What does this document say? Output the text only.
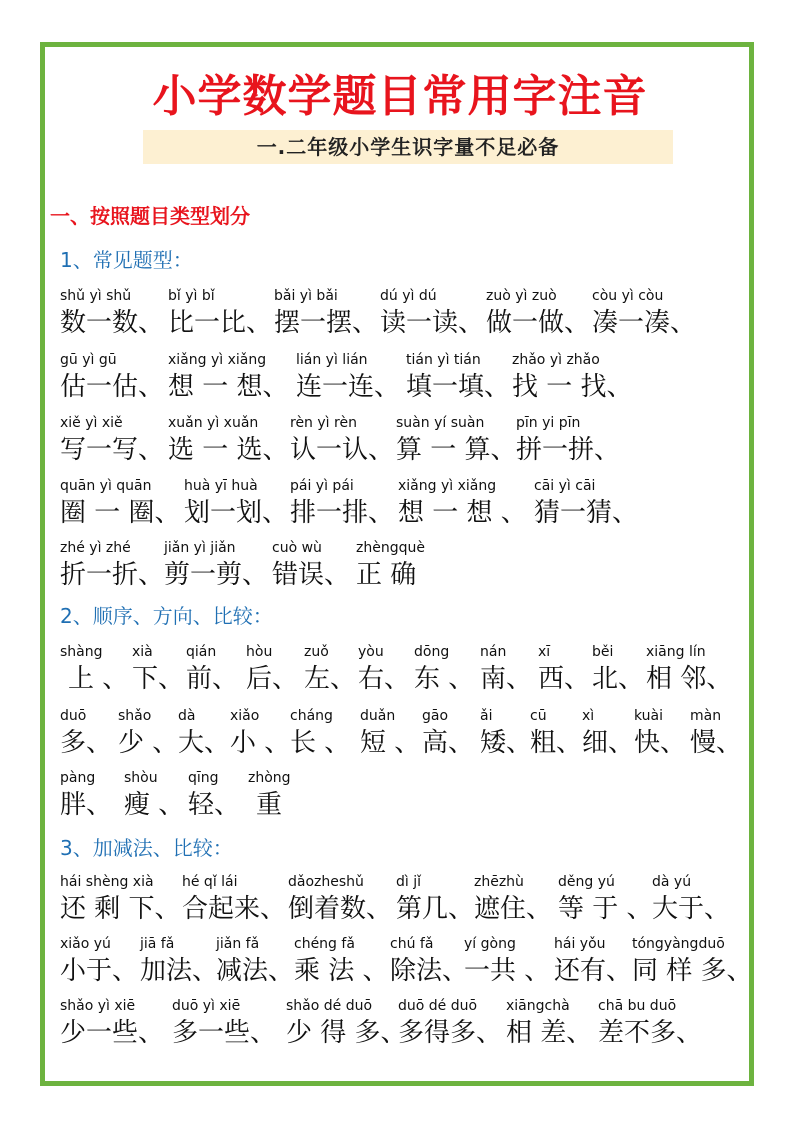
小学数学题目常用字注音
一.二年级小学生识字量不足必备
一、按照题目类型划分
1、常见题型：
shǔ yì shǔ
数一数、
bǐ yì bǐ
比一比、
bǎi yì bǎi
摆一摆、
dú yì dú
读一读、
zuò yì zuò
做一做、
còu yì còu
凑一凑、
gū yì gū
估一估、
xiǎng yì xiǎng
想 一 想、
lián yì lián
连一连、
tián yì tián
填一填、
zhǎo yì zhǎo
找 一 找、
xiě yì xiě
写一写、
xuǎn yì xuǎn
选 一 选、
rèn yì rèn
认一认、
suàn yí suàn
算 一 算、
pīn yi pīn
拼一拼、
quān yì quān
圈 一 圈、
huà yī huà
划一划、
pái yì pái
排一排、
xiǎng yì xiǎng
想 一 想 、
cāi yì cāi
猜一猜、
zhé yì zhé
折一折、
jiǎn yì jiǎn
剪一剪、
cuò wù
错误、
zhèngquè
正 确
2、顺序、方向、比较：
shàng
上 、
xià
下、
qián
前、
hòu
后、
zuǒ
左、
yòu
右、
dōng
东 、
nán
南、
xī
西、
běi
北、
xiāng lín
相 邻、
duō
多、
shǎo
少 、
dà
大、
xiǎo
小 、
cháng
长 、
duǎn
短 、
gāo
高、
ǎi
矮、
cū
粗、
xì
细、
kuài
快、
màn
慢、
pàng
胖、
shòu
瘦 、
qīng
轻、
zhòng
重
3、加减法、比较：
hái shèng xià
还 剩 下、
hé qǐ lái
合起来、
dǎozheshǔ
倒着数、
dì jǐ
第几、
zhēzhù
遮住、
děng yú
等 于 、
dà yú
大于、
xiǎo yú
小于、
jiā fǎ
加法、
jiǎn fǎ
减法、
chéng fǎ
乘 法 、
chú fǎ
除法、
yí gòng
一共 、
hái yǒu
还有、
tóngyàngduō
同 样 多、
shǎo yì xiē
少一些、
duō yì xiē
多一些、
shǎo dé duō
少 得 多、
duō dé duō
多得多、
xiāngchà
相 差、
chā bu duō
差不多、
